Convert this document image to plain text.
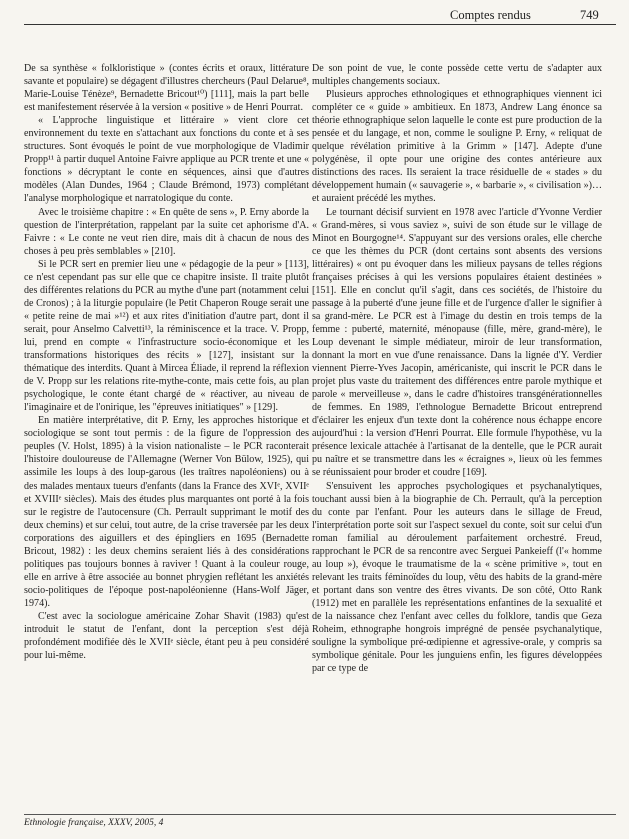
Comptes rendus	749

De sa synthèse « folkloristique » (contes écrits et oraux, littérature savante et populaire) se dégagent d'illustres chercheurs (Paul Delarue⁸, Marie-Louise Ténèze⁹, Bernadette Bricout¹⁰) [111], mais la part belle est manifestement réservée à la version « positive » de Henri Pourrat.

« L'approche linguistique et littéraire » vient clore cet environnement du texte en s'attachant aux fonctions du conte et à ses structures. Sont évoqués le point de vue morphologique de Vladimir Propp¹¹ à partir duquel Antoine Faivre applique au PCR trente et une « fonctions » décryptant le conte en séquences, ainsi que d'autres modèles (Alan Dundes, 1964 ; Claude Brémond, 1973) complétant l'analyse morphologique et narratologique du conte.

Avec le troisième chapitre : « En quête de sens », P. Erny aborde la question de l'interprétation, rappelant par la suite cet aphorisme d'A. Faivre : « Le conte ne veut rien dire, mais dit à chacun de nous des choses à peu près semblables » [210].

Si le PCR sert en premier lieu une « pédagogie de la peur » [113], ce n'est cependant pas sur elle que ce chapitre insiste. Il traite plutôt des différentes relations du PCR au mythe d'une part (notamment celui de Cronos) ; à la liturgie populaire (le Petit Chaperon Rouge serait une « petite reine de mai »¹²) et aux rites d'initiation d'autre part, dont il serait, pour Anselmo Calvetti¹³, la réminiscence et la trace. V. Propp, lui, prend en compte « l'infrastructure socio-économique et les transformations historiques des récits » [127], insistant sur la thématique des interdits. Quant à Mircea Éliade, il reprend la réflexion de V. Propp sur les relations rite-mythe-conte, mais cette fois, au plan psychologique, le conte étant chargé de « réactiver, au niveau de l'imaginaire et de l'onirique, les "épreuves initiatiques" » [129].

En matière interprétative, dit P. Erny, les approches historique et sociologique se sont tout permis : de la figure de l'oppression des peuples (V. Holst, 1895) à la vision nationaliste – le PCR raconterait l'histoire douloureuse de l'Allemagne (Werner Von Bülow, 1925), qui assimile les loups à des loup-garous (les traîtres napoléoniens) ou à des malades mentaux tueurs d'enfants (dans la France des XVIᵉ, XVIIᵉ et XVIIIᵉ siècles). Mais des études plus marquantes ont porté à la fois sur le registre de l'autocensure (Ch. Perrault supprimant le motif des deux chemins) et sur celui, tout autre, de la crise traversée par les deux corporations des aiguillers et des épingliers en 1695 (Bernadette Bricout, 1982) : les deux chemins seraient liés à des considérations politiques pas toujours bonnes à raviver ! Quant à la couleur rouge, elle en arrive à être associée au bonnet phrygien reflétant les anxiétés socio-politiques de l'époque post-napoléonienne (Hans-Wolf Jäger, 1974).

C'est avec la sociologue américaine Zohar Shavit (1983) qu'est introduit le statut de l'enfant, dont la perception s'est déjà profondément modifiée dès le XVIIᵉ siècle, étant peu à peu considéré pour lui-même.

De son point de vue, le conte possède cette vertu de s'adapter aux multiples changements sociaux.

Plusieurs approches ethnologiques et ethnographiques viennent ici compléter ce « guide » ambitieux. En 1873, Andrew Lang énonce sa théorie ethnographique selon laquelle le conte est pure production de la pensée et du langage, et non, comme le souligne P. Erny, « reliquat de quelque révélation primitive à la Grimm » [147]. Adepte d'une polygénèse, il opte pour une origine des contes antérieure aux distinctions des races. Ils seraient la trace résiduelle de « stades » du développement humain (« sauvagerie », « barbarie », « civilisation »)… et auraient précédé les mythes.

Le tournant décisif survient en 1978 avec l'article d'Yvonne Verdier « Grand-mères, si vous saviez », suivi de son étude sur le village de Minot en Bourgogne¹⁴. S'appuyant sur des versions orales, elle cherche ce que les thèmes du PCR (dont certains sont absents des versions littéraires) « ont pu évoquer dans les milieux paysans de telles régions françaises précises à qui les versions populaires étaient destinées » [151]. Elle en conclut qu'il s'agit, dans ces sociétés, de l'histoire du passage à la puberté d'une jeune fille et de l'urgence d'aller le signifier à sa grand-mère. Le PCR est à l'image du destin en trois temps de la femme : puberté, maternité, ménopause (fille, mère, grand-mère), le Loup devenant le simple médiateur, miroir de leur transformation, donnant la mort en vue d'une renaissance. Dans la lignée d'Y. Verdier viennent Pierre-Yves Jacopin, américaniste, qui inscrit le PCR dans le projet plus vaste du traitement des différences entre parole mythique et parole « merveilleuse », dans le cadre d'histoires transgénérationnelles de femmes. En 1989, l'ethnologue Bernadette Bricout entreprend d'éclairer les enjeux d'un texte dont la cohérence nous échappe encore aujourd'hui : la version d'Henri Pourrat. Elle formule l'hypothèse, vu la présence lexicale attachée à l'artisanat de la dentelle, que le PCR aurait pu naître et se transmettre dans les « écraignes », lieux où les femmes se réunissaient pour broder et coudre [169].

S'ensuivent les approches psychologiques et psychanalytiques, touchant aussi bien à la biographie de Ch. Perrault, qu'à la perception du conte par l'enfant. Pour les auteurs dans le sillage de Freud, l'interprétation porte soit sur l'aspect sexuel du conte, soit sur celui d'un roman familial au déroulement parfaitement orchestré. Freud, rapprochant le PCR de sa rencontre avec Serguei Pankeieff (l'« homme au loup »), évoque le traumatisme de la « scène primitive », tout en relevant les traits féminoïdes du loup, vêtu des habits de la grand-mère et portant dans son ventre des êtres vivants. De son côté, Otto Rank (1912) met en parallèle les représentations enfantines de la sexualité et de la naissance chez l'enfant avec celles du folklore, tandis que Geza Roheim, ethnographe hongrois imprégné de pensée psychanalytique, souligne la symbolique pré-œdipienne et agressive-orale, y compris sa symbolique génitale. Pour les junguiens enfin, les figures développées par ce type de

Ethnologie française, XXXV, 2005, 4
